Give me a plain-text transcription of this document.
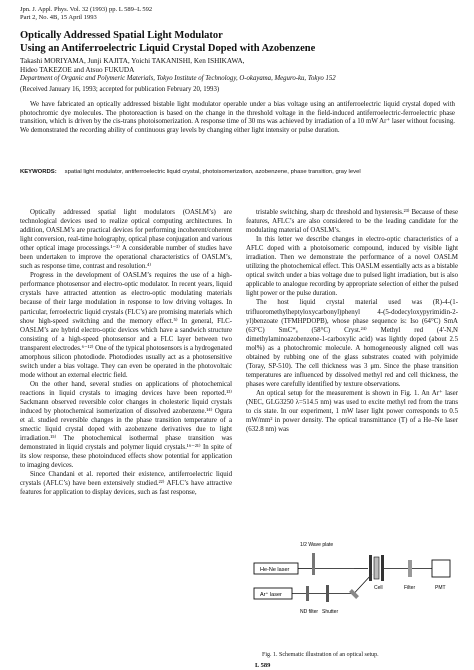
Jpn. J. Appl. Phys. Vol. 32 (1993) pp. L 589–L 592
Part 2, No. 4B, 15 April 1993
Optically Addressed Spatial Light Modulator
Using an Antiferroelectric Liquid Crystal Doped with Azobenzene
Takashi MORIYAMA, Junji KAJITA, Yoichi TAKANISHI, Ken ISHIKAWA,
Hideo TAKEZOE and Atsuo FUKUDA
Department of Organic and Polymeric Materials, Tokyo Institute of Technology, O-okayama, Meguro-ku, Tokyo 152
(Received January 16, 1993; accepted for publication February 20, 1993)
We have fabricated an optically addressed bistable light modulator operable under a bias voltage using an antiferroelectric liquid crystal doped with photochromic dye molecules. The photoreaction is based on the change in the threshold voltage in the field-induced antiferroelectric-ferroelectric phase transition, which is driven by the cis-trans photoisomerization. A response time of 30 ms was achieved by irradiation of a 10 mW Ar⁺ laser without focusing. We demonstrated the recording ability of continuous gray levels by changing either light intensity or pulse duration.
KEYWORDS: spatial light modulator, antiferroelectric liquid crystal, photoisomerization, azobenzene, phase transition, gray level

Optically addressed spatial light modulators (OASLM’s) are technological devices used to realize optical computing architectures. In addition, OASLM’s are practical devices for performing incoherent/coherent light conversion, real-time holography, optical phase conjugation and various other optical image processings.¹⁻³⁾ A considerable number of studies have been undertaken to improve the operational characteristics of OASLM’s, such as response time, contrast and resolution.⁴⁾

Progress in the development of OASLM’s requires the use of a high-performance photosensor and electro-optic modulator. In recent years, liquid crystals have attracted attention as electro-optic modulating materials because of their large modulation in response to low driving voltages. In particular, ferroelectric liquid crystals (FLC’s) are promising materials which show high-speed switching and the memory effect.⁵⁾ In general, FLC-OASLM’s are hybrid electro-optic devices which have a sandwich structure consisting of a high-speed photosensor and a FLC layer between two transparent electrodes.⁶⁻¹²⁾ One of the typical photosensors is a hydrogenated amorphous silicon photodiode. Photodiodes usually act as a photosensitive switch under a bias voltage. They can even be operated in the photovoltaic mode without an external electric field.

On the other hand, several studies on applications of photochemical reactions in liquid crystals to imaging devices have been reported.¹³⁾ Sackmann observed reversible color changes in cholesteric liquid crystals induced by photochemical isomerization of dissolved azobenzene.¹⁴⁾ Ogura et al. studied reversible changes in the phase transition temperature of a smectic liquid crystal doped with azobenzene derivatives due to light irradiation.¹⁵⁾ The photochemical isothermal phase transition was demonstrated in liquid crystals and polymer liquid crystals.¹⁶⁻²¹⁾ In spite of its slow response, these photoinduced effects show potential for application to imaging devices.

Since Chandani et al. reported their existence, antiferroelectric liquid crystals (AFLC’s) have been extensively studied.²²⁾ AFLC’s have attractive features for application to display devices, such as fast response,

tristable switching, sharp dc threshold and hysteresis.²³⁾ Because of these features, AFLC’s are also considered to be the leading candidate for the modulating material of OASLM’s.

In this letter we describe changes in electro-optic characteristics of a AFLC doped with a photoisomeric compound, induced by visible light irradiation. Then we demonstrate the performance of a novel OASLM utilizing the photochemical effect. This OASLM essentially acts as a bistable optical switch under a bias voltage due to pulsed light irradiation, but is also applicable to analogue recording by appropriate selection of either the pulsed light power or the pulse duration.

The host liquid crystal material used was (R)-4-(1-trifluoromethylheptyloxycarbonyl)phenyl 4-(5-dodecyloxypyrimidin-2-yl)benzoate (TFMHPDOPB), whose phase sequence is: Iso (64°C) SmA (63°C) SmC*ₐ (58°C) Cryst.²⁴⁾ Methyl red (4′-N,N dimethylaminoazobenzene-1-carboxylic acid) was lightly doped (about 2.5 mol%) as a photochromic molecule. A homogeneously aligned cell was obtained by rubbing one of the glass substrates coated with polyimide (Toray, SP-510). The cell thickness was 3 μm. Since the phase transition temperatures are influenced by dissolved methyl red and cell thickness, the phases were carefully identified by texture observations.

An optical setup for the measurement is shown in Fig. 1. An Ar⁺ laser (NEC, GLG3250 λ=514.5 nm) was used to excite methyl red from the trans to cis state. In our experiment, 1 mW laser light power corresponds to 0.5 mW/mm² in power density. The optical transmittance (T) of a He–Ne laser (632.8 nm) was

1/2 Wave plate
He-Ne laser
Ar⁺ laser
ND filter Shutter
Cell	Filter	PMT
Fig. 1. Schematic illustration of an optical setup.
L 589
